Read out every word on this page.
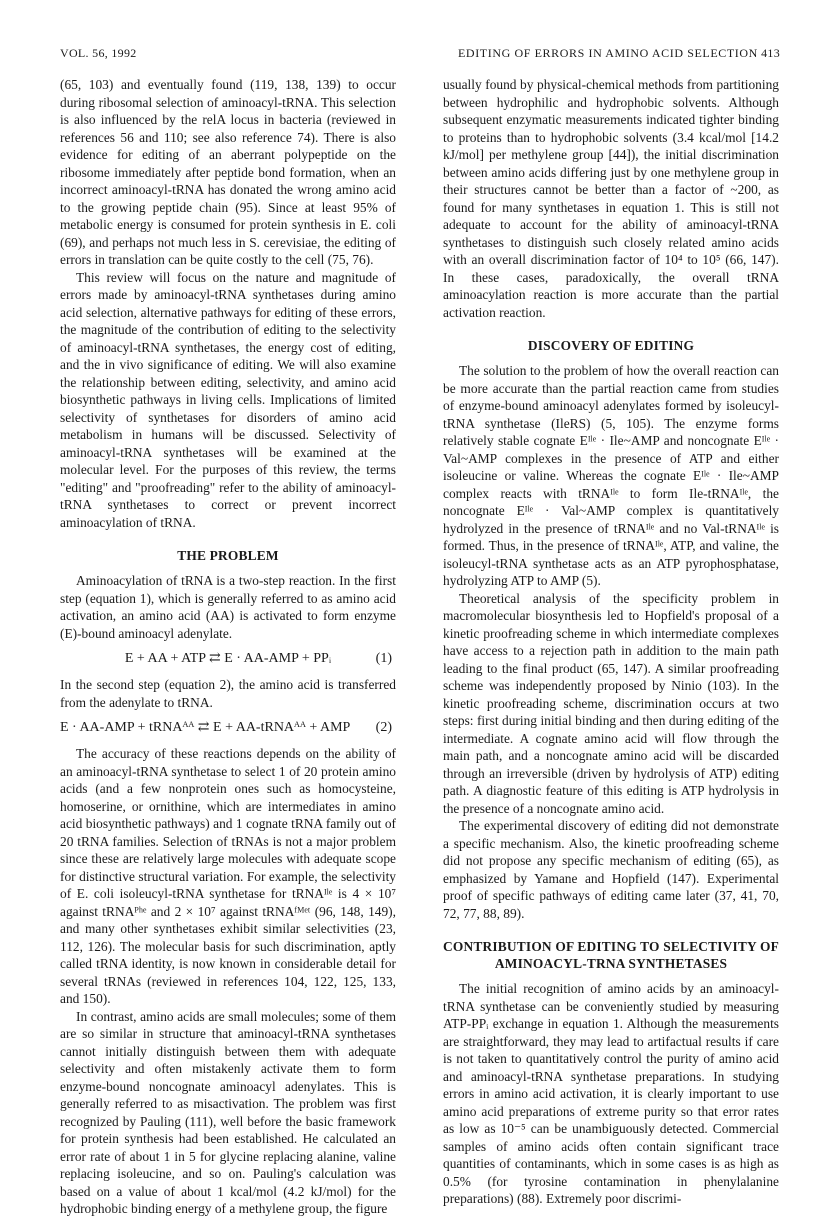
VOL. 56, 1992	EDITING OF ERRORS IN AMINO ACID SELECTION 413

(65, 103) and eventually found (119, 138, 139) to occur during ribosomal selection of aminoacyl-tRNA. This selection is also influenced by the relA locus in bacteria (reviewed in references 56 and 110; see also reference 74). There is also evidence for editing of an aberrant polypeptide on the ribosome immediately after peptide bond formation, when an incorrect aminoacyl-tRNA has donated the wrong amino acid to the growing peptide chain (95). Since at least 95% of metabolic energy is consumed for protein synthesis in E. coli (69), and perhaps not much less in S. cerevisiae, the editing of errors in translation can be quite costly to the cell (75, 76).

This review will focus on the nature and magnitude of errors made by aminoacyl-tRNA synthetases during amino acid selection, alternative pathways for editing of these errors, the magnitude of the contribution of editing to the selectivity of aminoacyl-tRNA synthetases, the energy cost of editing, and the in vivo significance of editing. We will also examine the relationship between editing, selectivity, and amino acid biosynthetic pathways in living cells. Implications of limited selectivity of synthetases for disorders of amino acid metabolism in humans will be discussed. Selectivity of aminoacyl-tRNA synthetases will be examined at the molecular level. For the purposes of this review, the terms "editing" and "proofreading" refer to the ability of aminoacyl-tRNA synthetases to correct or prevent incorrect aminoacylation of tRNA.

THE PROBLEM

Aminoacylation of tRNA is a two-step reaction. In the first step (equation 1), which is generally referred to as amino acid activation, an amino acid (AA) is activated to form enzyme (E)-bound aminoacyl adenylate.

E + AA + ATP ⇄ E · AA-AMP + PPᵢ	(1)

In the second step (equation 2), the amino acid is transferred from the adenylate to tRNA.

E · AA-AMP + tRNAᴬᴬ ⇄ E + AA-tRNAᴬᴬ + AMP (2)

The accuracy of these reactions depends on the ability of an aminoacyl-tRNA synthetase to select 1 of 20 protein amino acids (and a few nonprotein ones such as homocysteine, homoserine, or ornithine, which are intermediates in amino acid biosynthetic pathways) and 1 cognate tRNA family out of 20 tRNA families. Selection of tRNAs is not a major problem since these are relatively large molecules with adequate scope for distinctive structural variation. For example, the selectivity of E. coli isoleucyl-tRNA synthetase for tRNAᴵˡᵉ is 4 × 10⁷ against tRNAᴾʰᵉ and 2 × 10⁷ against tRNAᶠᴹᵉᵗ (96, 148, 149), and many other synthetases exhibit similar selectivities (23, 112, 126). The molecular basis for such discrimination, aptly called tRNA identity, is now known in considerable detail for several tRNAs (reviewed in references 104, 122, 125, 133, and 150).

In contrast, amino acids are small molecules; some of them are so similar in structure that aminoacyl-tRNA synthetases cannot initially distinguish between them with adequate selectivity and often mistakenly activate them to form enzyme-bound noncognate aminoacyl adenylates. This is generally referred to as misactivation. The problem was first recognized by Pauling (111), well before the basic framework for protein synthesis had been established. He calculated an error rate of about 1 in 5 for glycine replacing alanine, valine replacing isoleucine, and so on. Pauling's calculation was based on a value of about 1 kcal/mol (4.2 kJ/mol) for the hydrophobic binding energy of a methylene group, the figure

usually found by physical-chemical methods from partitioning between hydrophilic and hydrophobic solvents. Although subsequent enzymatic measurements indicated tighter binding to proteins than to hydrophobic solvents (3.4 kcal/mol [14.2 kJ/mol] per methylene group [44]), the initial discrimination between amino acids differing just by one methylene group in their structures cannot be better than a factor of ~200, as found for many synthetases in equation 1. This is still not adequate to account for the ability of aminoacyl-tRNA synthetases to distinguish such closely related amino acids with an overall discrimination factor of 10⁴ to 10⁵ (66, 147). In these cases, paradoxically, the overall tRNA aminoacylation reaction is more accurate than the partial activation reaction.

DISCOVERY OF EDITING

The solution to the problem of how the overall reaction can be more accurate than the partial reaction came from studies of enzyme-bound aminoacyl adenylates formed by isoleucyl-tRNA synthetase (IleRS) (5, 105). The enzyme forms relatively stable cognate Eᴵˡᵉ · Ile~AMP and noncognate Eᴵˡᵉ · Val~AMP complexes in the presence of ATP and either isoleucine or valine. Whereas the cognate Eᴵˡᵉ · Ile~AMP complex reacts with tRNAᴵˡᵉ to form Ile-tRNAᴵˡᵉ, the noncognate Eᴵˡᵉ · Val~AMP complex is quantitatively hydrolyzed in the presence of tRNAᴵˡᵉ and no Val-tRNAᴵˡᵉ is formed. Thus, in the presence of tRNAᴵˡᵉ, ATP, and valine, the isoleucyl-tRNA synthetase acts as an ATP pyrophosphatase, hydrolyzing ATP to AMP (5).

Theoretical analysis of the specificity problem in macromolecular biosynthesis led to Hopfield's proposal of a kinetic proofreading scheme in which intermediate complexes have access to a rejection path in addition to the main path leading to the final product (65, 147). A similar proofreading scheme was independently proposed by Ninio (103). In the kinetic proofreading scheme, discrimination occurs at two steps: first during initial binding and then during editing of the intermediate. A cognate amino acid will flow through the main path, and a noncognate amino acid will be discarded through an irreversible (driven by hydrolysis of ATP) editing path. A diagnostic feature of this editing is ATP hydrolysis in the presence of a noncognate amino acid.

The experimental discovery of editing did not demonstrate a specific mechanism. Also, the kinetic proofreading scheme did not propose any specific mechanism of editing (65), as emphasized by Yamane and Hopfield (147). Experimental proof of specific pathways of editing came later (37, 41, 70, 72, 77, 88, 89).

CONTRIBUTION OF EDITING TO SELECTIVITY OF
AMINOACYL-TRNA SYNTHETASES

The initial recognition of amino acids by an aminoacyl-tRNA synthetase can be conveniently studied by measuring ATP-PPᵢ exchange in equation 1. Although the measurements are straightforward, they may lead to artifactual results if care is not taken to quantitatively control the purity of amino acid and aminoacyl-tRNA synthetase preparations. In studying errors in amino acid activation, it is clearly important to use amino acid preparations of extreme purity so that error rates as low as 10⁻⁵ can be unambiguously detected. Commercial samples of amino acids often contain significant trace quantities of contaminants, which in some cases is as high as 0.5% (for tyrosine contamination in phenylalanine preparations) (88). Extremely poor discrimi-
